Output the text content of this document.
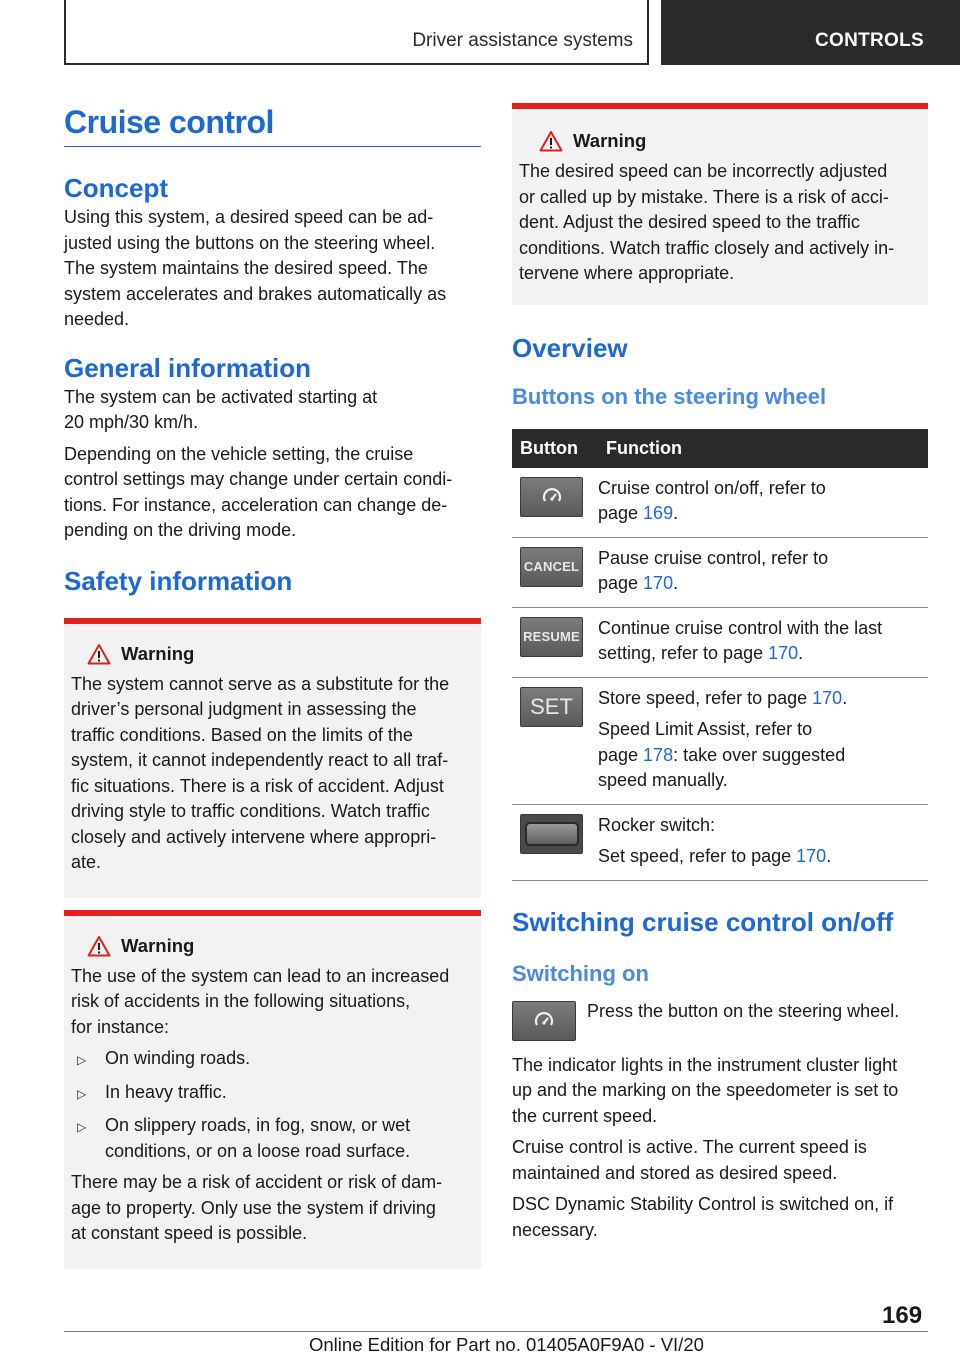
Driver assistance systems	CONTROLS
Cruise control
Concept

Using this system, a desired speed can be ad‐
justed using the buttons on the steering wheel.
The system maintains the desired speed. The
system accelerates and brakes automatically as
needed.

General information

The system can be activated starting at
20 mph/30 km/h.

Depending on the vehicle setting, the cruise
control settings may change under certain condi‐
tions. For instance, acceleration can change de‐
pending on the driving mode.

Safety information
Warning

The system cannot serve as a substitute for the
driver’s personal judgment in assessing the
traffic conditions. Based on the limits of the
system, it cannot independently react to all traf‐
fic situations. There is a risk of accident. Adjust
driving style to traffic conditions. Watch traffic
closely and actively intervene where appropri‐
ate.

Warning

The use of the system can lead to an increased
risk of accidents in the following situations,
for instance:

▷	On winding roads.
▷	In heavy traffic.
▷	On slippery roads, in fog, snow, or wet
conditions, or on a loose road surface.

There may be a risk of accident or risk of dam‐
age to property. Only use the system if driving
at constant speed is possible.

Warning

The desired speed can be incorrectly adjusted
or called up by mistake. There is a risk of acci‐
dent. Adjust the desired speed to the traffic
conditions. Watch traffic closely and actively in‐
tervene where appropriate.

Overview
Buttons on the steering wheel
Button	Function

	Cruise control on/off, refer to
page 169.

CANCEL	Pause cruise control, refer to
page 170.

RESUME	Continue cruise control with the last
setting, refer to page 170.

SET	Store speed, refer to page 170.
Speed Limit Assist, refer to
page 178: take over suggested
speed manually.

	Rocker switch:
Set speed, refer to page 170.
Switching cruise control on/off
Switching on

Press the button on the steering wheel.

The indicator lights in the instrument cluster light
up and the marking on the speedometer is set to
the current speed.

Cruise control is active. The current speed is
maintained and stored as desired speed.

DSC Dynamic Stability Control is switched on, if
necessary.

169
Online Edition for Part no. 01405A0F9A0 - VI/20
